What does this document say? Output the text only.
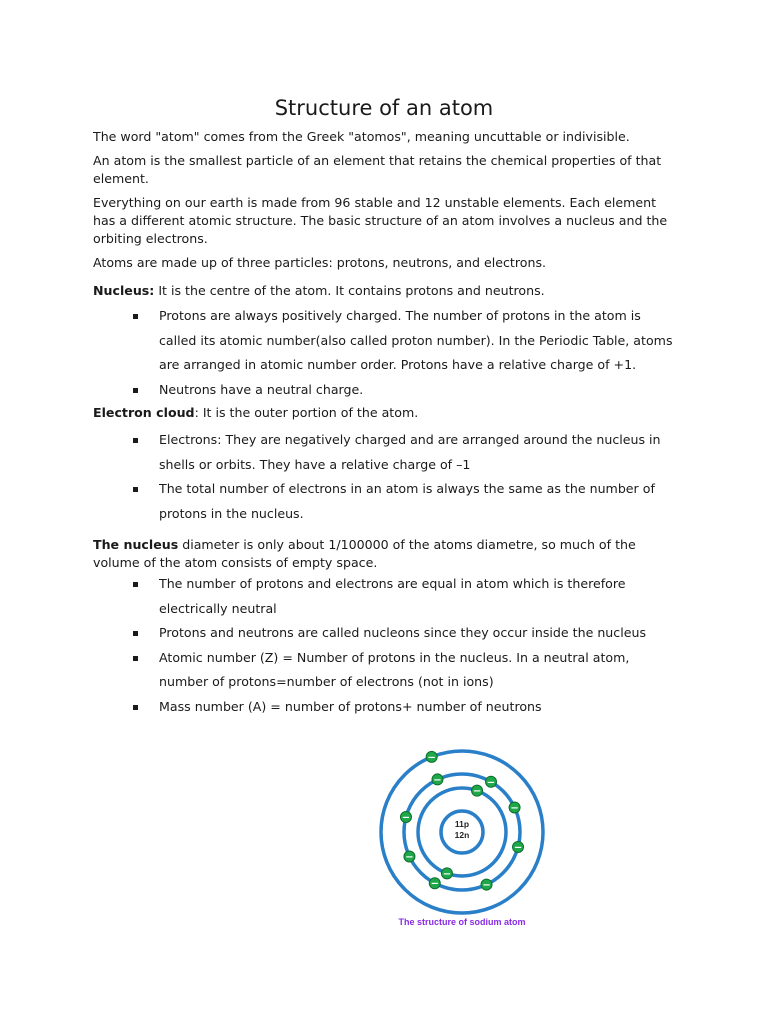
Structure of an atom

The word "atom" comes from the Greek "atomos", meaning uncuttable or indivisible.

An atom is the smallest particle of an element that retains the chemical properties of that element.

Everything on our earth is made from 96 stable and 12 unstable elements. Each element has a different atomic structure. The basic structure of an atom involves a nucleus and the orbiting electrons.

Atoms are made up of three particles: protons, neutrons, and electrons.

Nucleus: It is the centre of the atom. It contains protons and neutrons.

Protons are always positively charged. The number of protons in the atom is called its atomic number(also called proton number). In the Periodic Table, atoms are arranged in atomic number order. Protons have a relative charge of +1.
Neutrons have a neutral charge.

Electron cloud: It is the outer portion of the atom.

Electrons: They are negatively charged and are arranged around the nucleus in shells or orbits. They have a relative charge of –1
The total number of electrons in an atom is always the same as the number of protons in the nucleus.

The nucleus diameter is only about 1/100000 of the atoms diametre, so much of the volume of the atom consists of empty space.

The number of protons and electrons are equal in atom which is therefore electrically neutral
Protons and neutrons are called nucleons since they occur inside the nucleus
Atomic number (Z) = Number of protons in the nucleus. In a neutral atom, number of protons=number of electrons (not in ions)
Mass number (A) = number of protons+ number of neutrons
11p
12n
−
−
−	−
−
−
−
−
−
−
−
The structure of sodium atom
